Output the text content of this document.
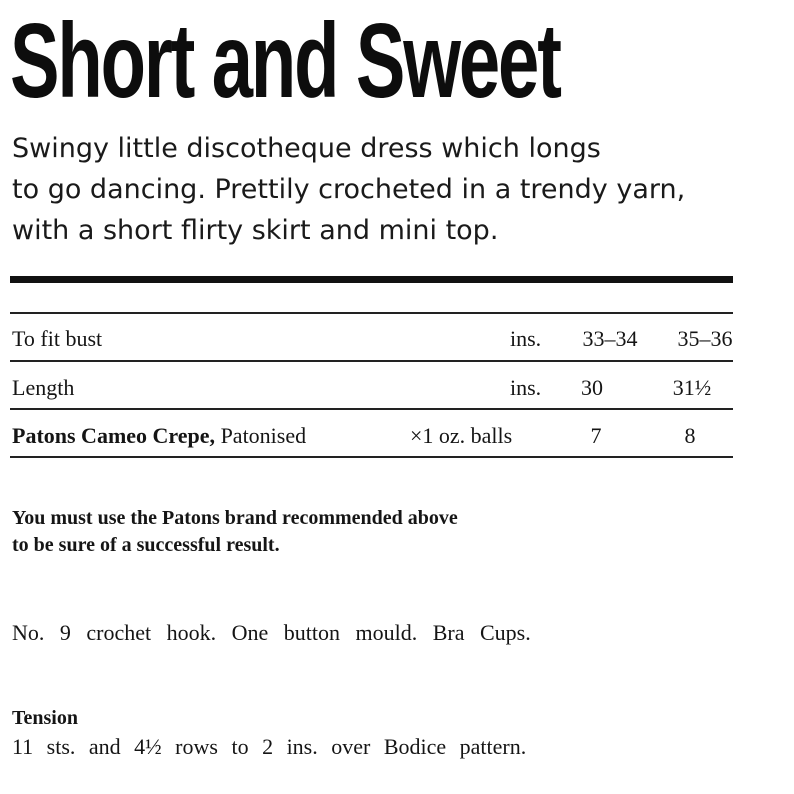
Short and Sweet
Swingy little discotheque dress which longs
to go dancing. Prettily crocheted in a trendy yarn,
with a short flirty skirt and mini top.
To fit bust	ins. 33–34 35–36
Length	ins. 30	31½
Patons Cameo Crepe, Patonised	×1 oz. balls	7	8
You must use the Patons brand recommended above
to be sure of a successful result.
No. 9 crochet hook. One button mould. Bra Cups.
Tension
11 sts. and 4½ rows to 2 ins. over Bodice pattern.
